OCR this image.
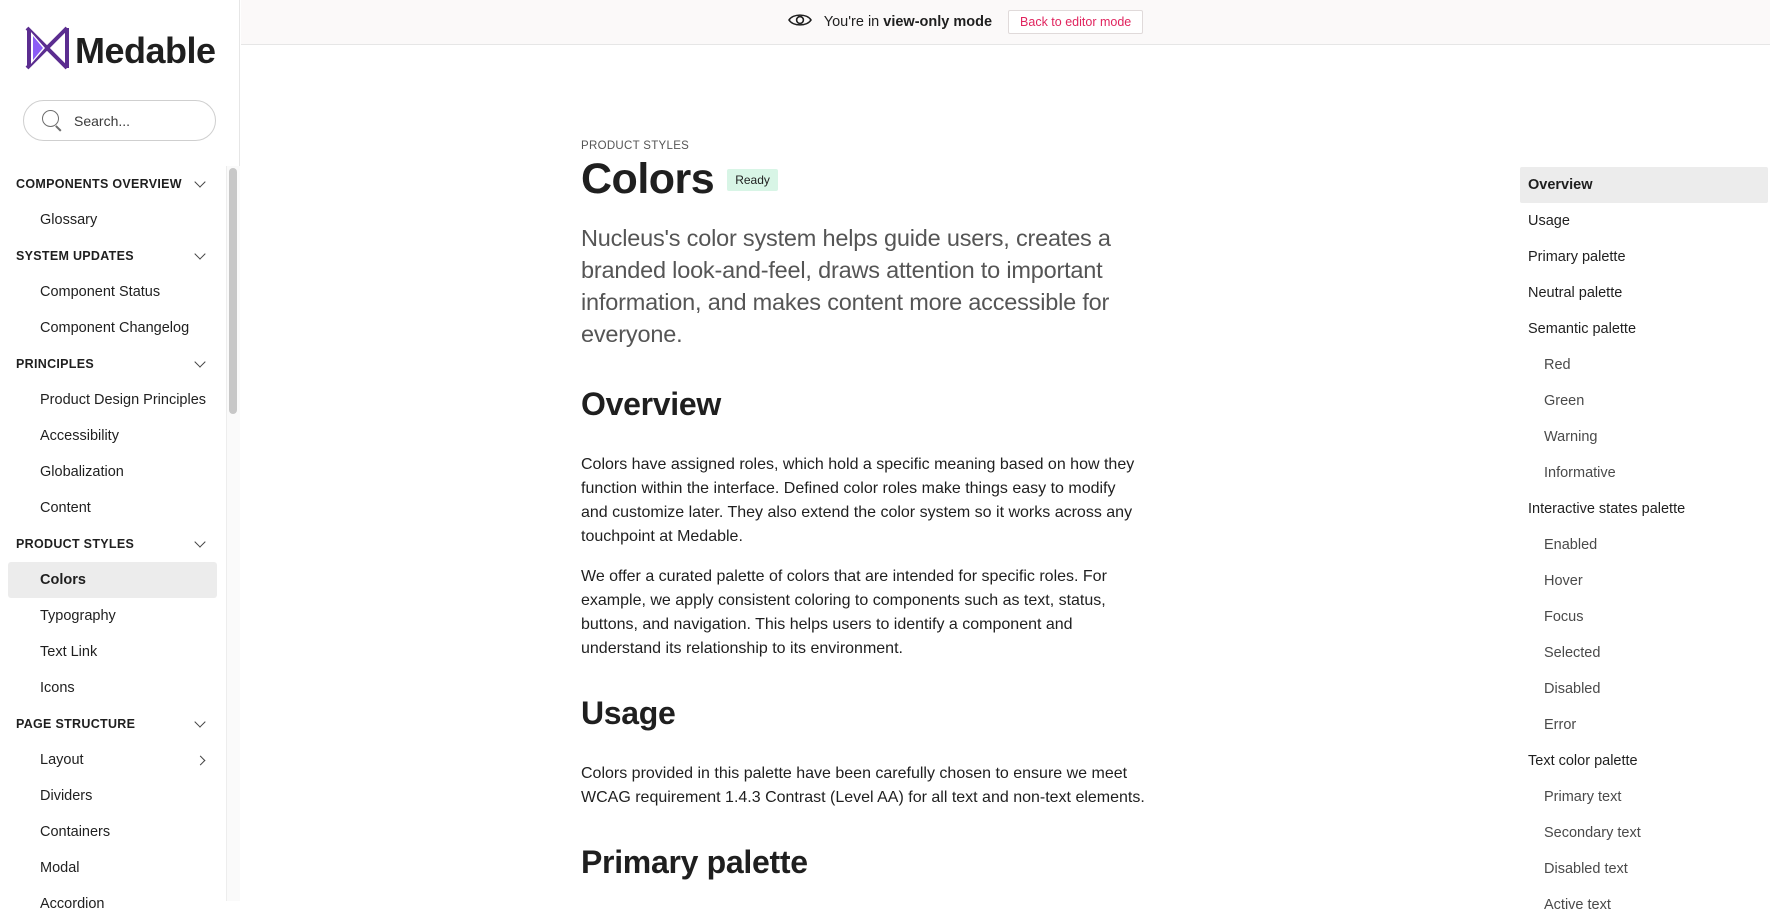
Medable
Search...
COMPONENTS OVERVIEW
Glossary
SYSTEM UPDATES
Component Status
Component Changelog
PRINCIPLES
Product Design Principles
Accessibility
Globalization
Content
PRODUCT STYLES
Colors
Typography
Text Link
Icons
PAGE STRUCTURE
Layout
Dividers
Containers
Modal
Accordion
You're in view-only mode	Back to editor mode
PRODUCT STYLES
Colors	Ready

Nucleus's color system helps guide users, creates a branded look-and-feel, draws attention to important information, and makes content more accessible for everyone.

Overview

Colors have assigned roles, which hold a specific meaning based on how they function within the interface. Defined color roles make things easy to modify and customize later. They also extend the color system so it works across any touchpoint at Medable.

We offer a curated palette of colors that are intended for specific roles. For example, we apply consistent coloring to components such as text, status, buttons, and navigation. This helps users to identify a component and understand its relationship to its environment.

Usage

Colors provided in this palette have been carefully chosen to ensure we meet WCAG requirement 1.4.3 Contrast (Level AA) for all text and non-text elements.

Primary palette
Overview
Usage
Primary palette
Neutral palette
Semantic palette
Red
Green
Warning
Informative
Interactive states palette
Enabled
Hover
Focus
Selected
Disabled
Error
Text color palette
Primary text
Secondary text
Disabled text
Active text
